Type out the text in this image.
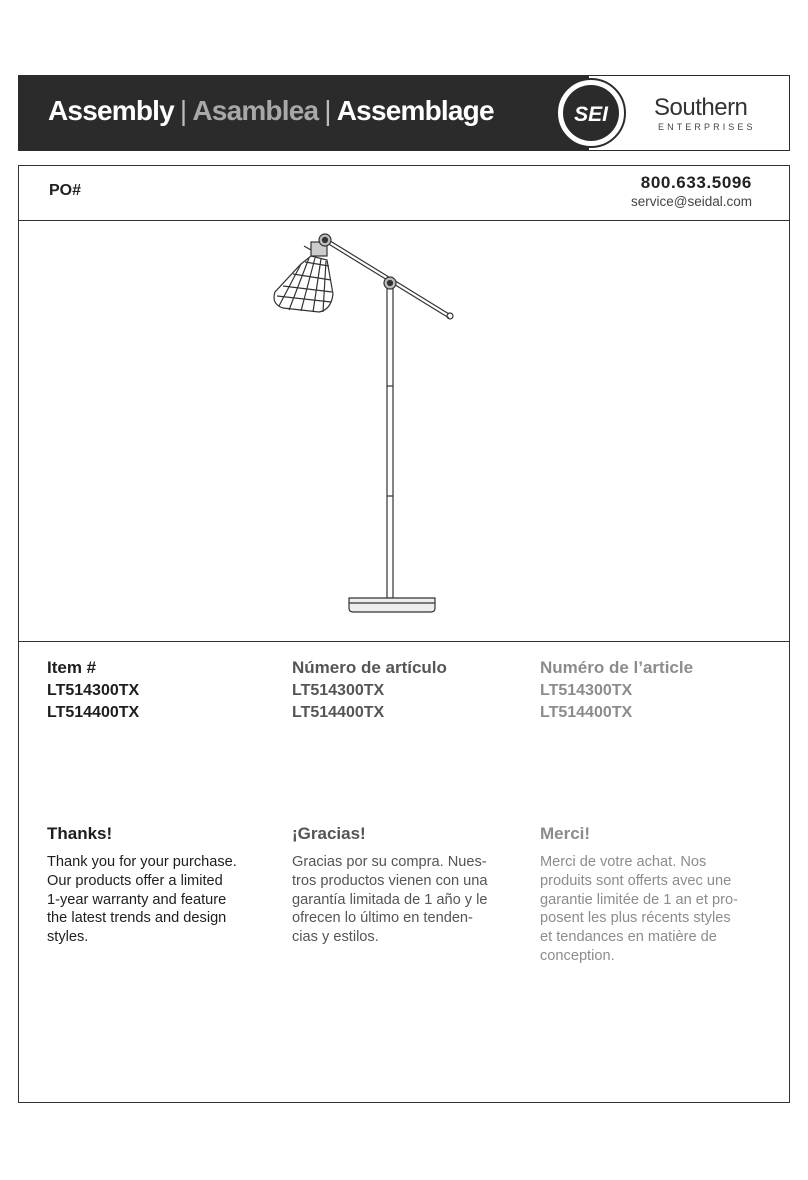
Assembly | Asamblea | Assemblage	SEI Southern
ENTERPRISES
PO#	800.633.5096
service@seidal.com
Item #
LT514300TX
LT514400TX
Número de artículo
LT514300TX
LT514400TX
Numéro de l’article
LT514300TX
LT514400TX
Thanks!
Thank you for your purchase.
Our products offer a limited
1-year warranty and feature
the latest trends and design
styles.
¡Gracias!
Gracias por su compra. Nues-
tros productos vienen con una
garantía limitada de 1 año y le
ofrecen lo último en tenden-
cias y estilos.
Merci!
Merci de votre achat. Nos
produits sont offerts avec une
garantie limitée de 1 an et pro-
posent les plus récents styles
et tendances en matière de
conception.
